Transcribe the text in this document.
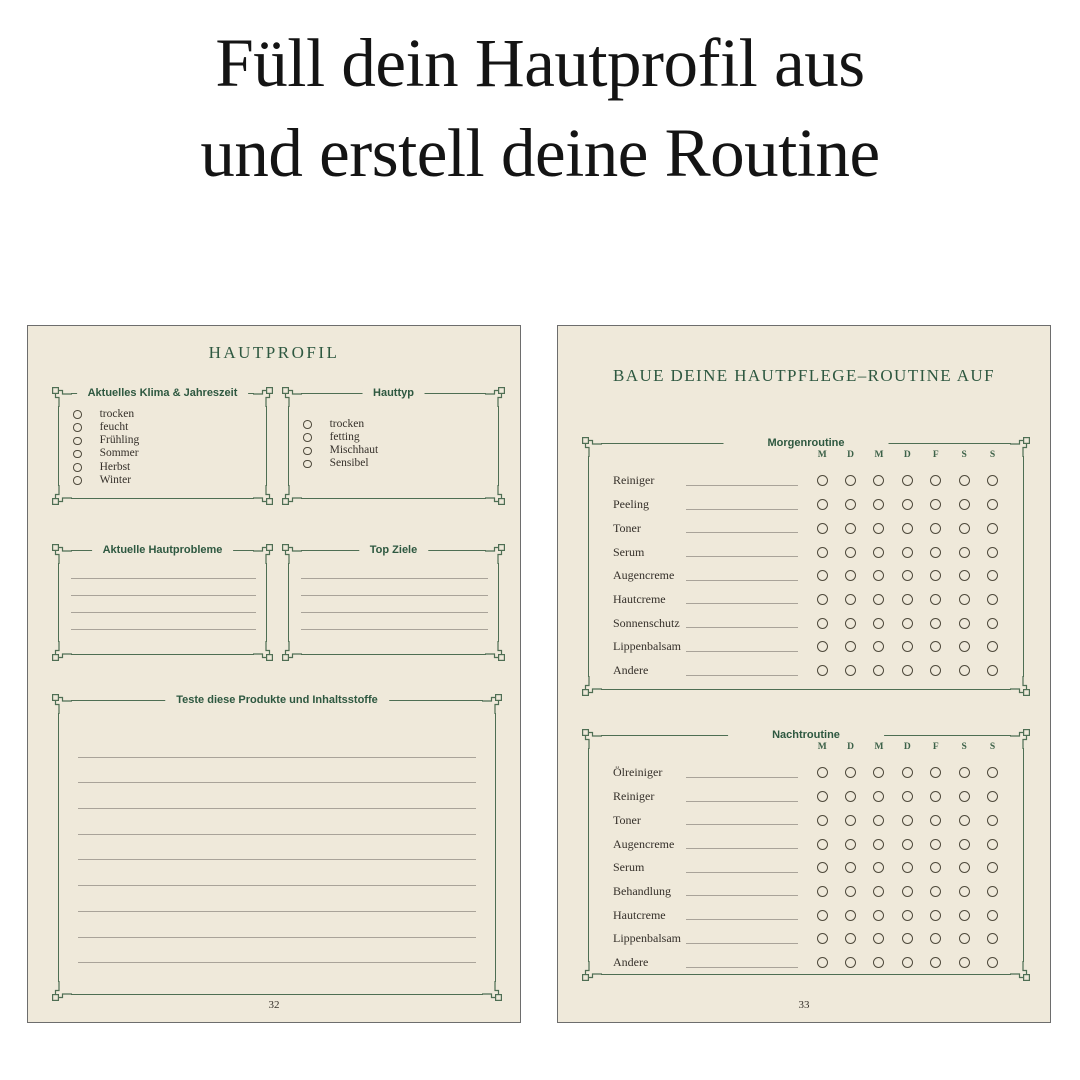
Füll dein Hautprofil aus
und erstell deine Routine
HAUTPROFIL
Aktuelles Klima & Jahreszeit
trocken
feucht
Frühling
Sommer
Herbst
Winter
Hauttyp
trocken
fetting
Mischhaut
Sensibel
Aktuelle Hautprobleme	Top Ziele
Teste diese Produkte und Inhaltsstoffe
32
BAUE DEINE HAUTPFLEGE–ROUTINE AUF
Morgenroutine
M	D	M	D	F	S	S
Reiniger
Peeling
Toner
Serum
Augencreme
Hautcreme
Sonnenschutz
Lippenbalsam
Andere
Nachtroutine
M	D	M	D	F	S	S
Ölreiniger
Reiniger
Toner
Augencreme
Serum
Behandlung
Hautcreme
Lippenbalsam
Andere
33
